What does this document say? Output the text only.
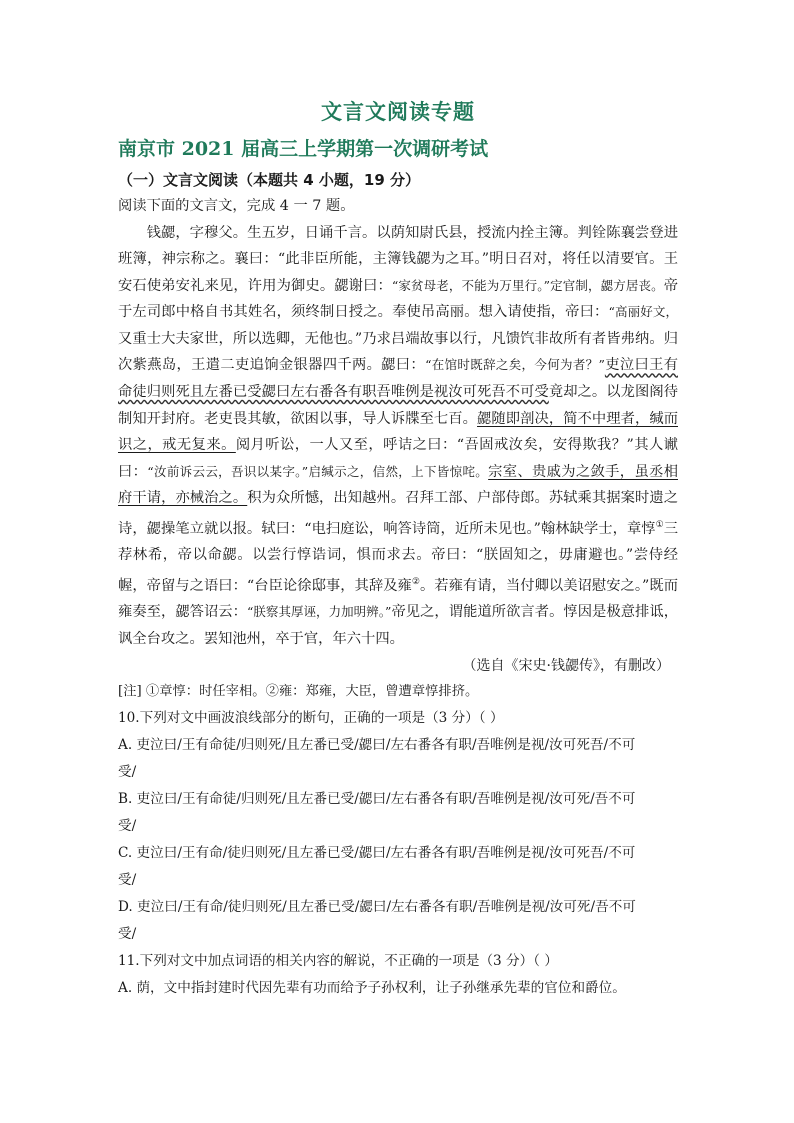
文言文阅读专题
南京市 2021 届高三上学期第一次调研考试
（一）文言文阅读（本题共 4 小题，19 分）

阅读下面的文言文，完成 4 一 7 题。

钱勰，字穆父。生五岁，日诵千言。以荫知尉氏县，授流内拴主簿。判铨陈襄尝登进班簿，神宗称之。襄曰：“此非臣所能，主簿钱勰为之耳。”明日召对，将任以清要官。王安石使弟安礼来见，许用为御史。勰谢曰：“家贫母老，不能为万里行。”定官制，勰方居丧。帝于左司郎中格自书其姓名，须终制日授之。奉使吊高丽。想入请使指，帝曰：“高丽好文，又重士大夫家世，所以选卿，无他也。”乃求吕端故事以行，凡馈饩非故所有者皆弗纳。归次紫燕岛，王遣二吏追饷金银器四千两。勰曰：“在馆时既辞之矣，今何为者？”吏泣曰王有命徒归则死且左番已受勰曰左右番各有职吾唯例是视汝可死吾不可受竟却之。以龙图阁待制知开封府。老吏畏其敏，欲困以事，导人诉牒至七百。勰随即剖决，简不中理者，缄而识之，戒无复来。阅月听讼，一人又至，呼诘之曰：“吾固戒汝矣，安得欺我？”其人谳曰：“汝前诉云云，吾识以某字。”启缄示之，信然，上下皆惊咤。宗室、贵戚为之敛手，虽丞相府干请，亦械治之。积为众所憾，出知越州。召拜工部、户部侍郎。苏轼乘其据案时遗之诗，勰操笔立就以报。轼曰：“电扫庭讼，响答诗筒，近所未见也。”翰林缺学士，章惇①三荐林希，帝以命勰。以尝行惇诰词，惧而求去。帝曰：“朕固知之，毋庸避也。”尝侍经幄，帝留与之语曰：“台臣论徐邸事，其辞及雍②。若雍有请，当付卿以美诏慰安之。”既而雍奏至，勰答诏云：“朕察其厚诬，力加明辨。”帝见之，谓能道所欲言者。惇因是极意排诋，讽全台攻之。罢知池州，卒于官，年六十四。

（选自《宋史·钱勰传》，有删改）

[注] ①章惇：时任宰相。②雍：郑雍，大臣，曾遭章惇排挤。

10.下列对文中画波浪线部分的断句，正确的一项是（3 分）（ ）

A. 吏泣曰/王有命徒/归则死/且左番已受/勰曰/左右番各有职/吾唯例是视/汝可死吾/不可

受/

B. 吏泣曰/王有命徒/归则死/且左番已受/勰曰/左右番各有职/吾唯例是视/汝可死/吾不可

受/

C. 吏泣曰/王有命/徒归则死/且左番已受/勰曰/左右番各有职/吾唯例是视/汝可死吾/不可

受/

D. 吏泣曰/王有命/徒归则死/且左番已受/勰曰/左右番各有职/吾唯例是视/汝可死/吾不可

受/

11.下列对文中加点词语的相关内容的解说，不正确的一项是（3 分）（ ）

A. 荫，文中指封建时代因先辈有功而给予子孙权利，让子孙继承先辈的官位和爵位。
